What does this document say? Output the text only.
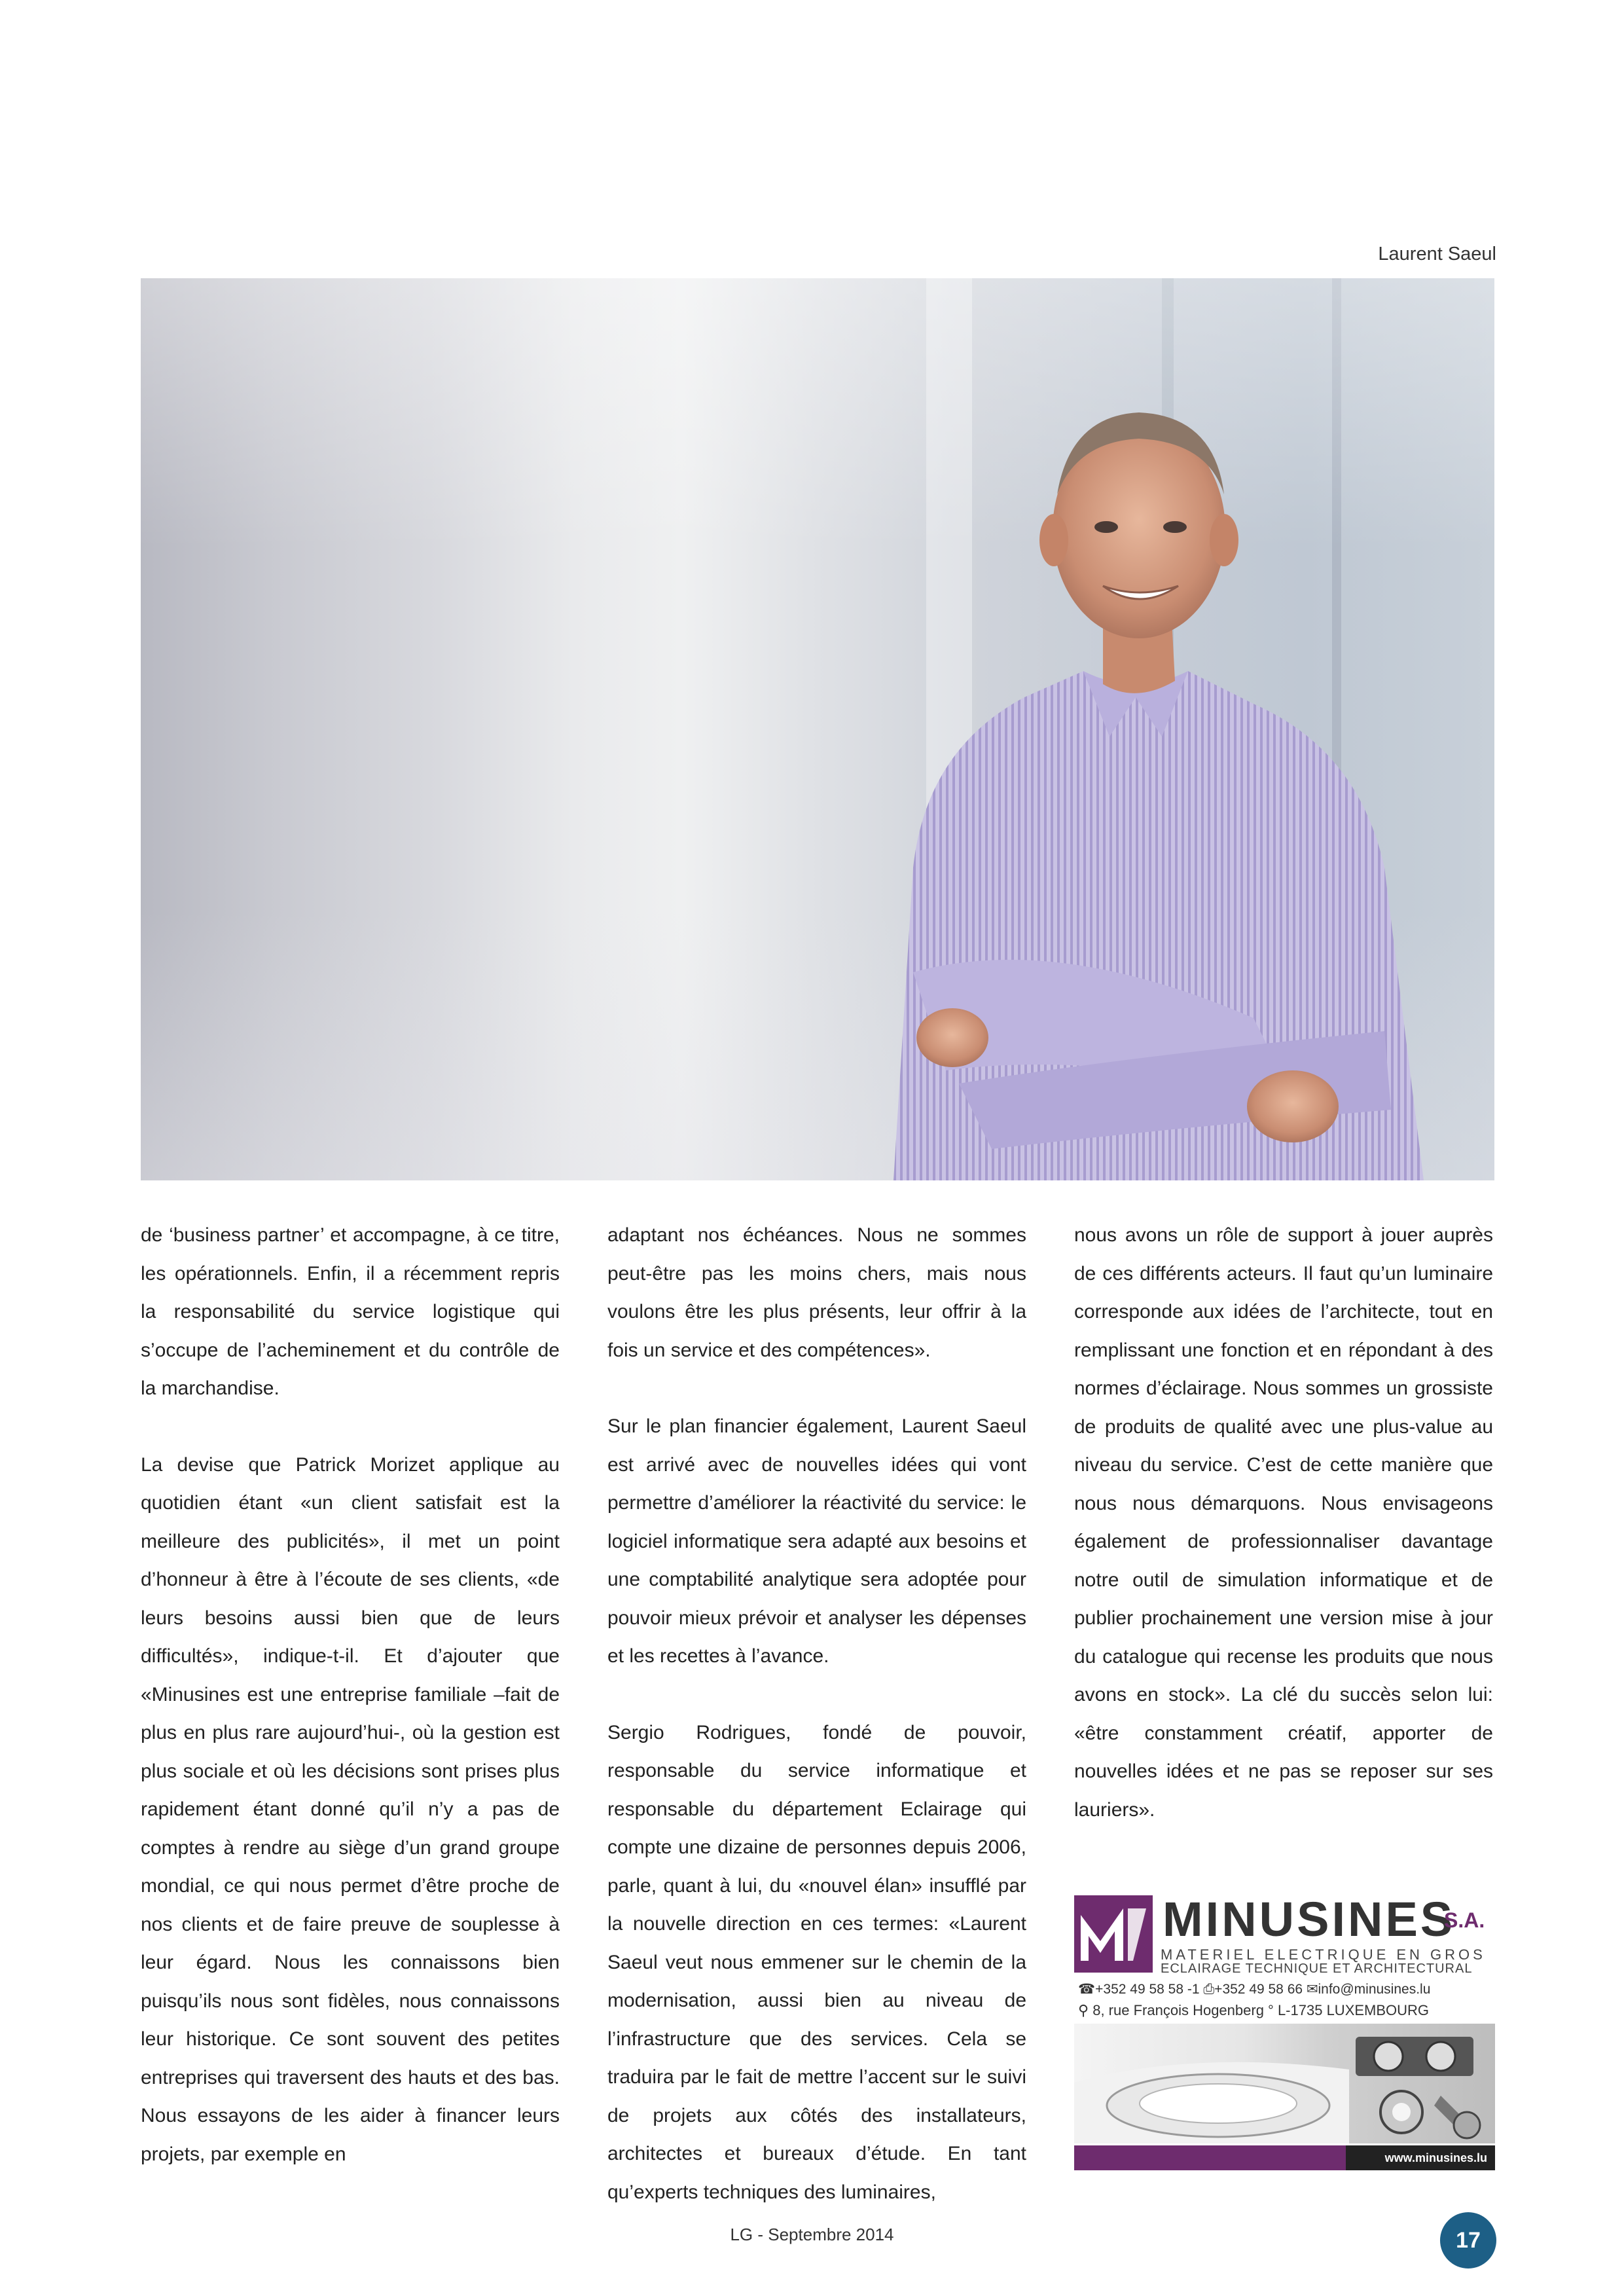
Laurent Saeul

de ‘business partner’ et accompagne, à ce titre, les opérationnels. Enfin, il a récemment repris la responsabilité du service logistique qui s’occupe de l’acheminement et du contrôle de la marchandise.

La devise que Patrick Morizet applique au quotidien étant «un client satisfait est la meilleure des publicités», il met un point d’honneur à être à l’écoute de ses clients, «de leurs besoins aussi bien que de leurs difficultés», indique-t-il. Et d’ajouter que «Minusines est une entreprise familiale –fait de plus en plus rare aujourd’hui-, où la gestion est plus sociale et où les décisions sont prises plus rapidement étant donné qu’il n’y a pas de comptes à rendre au siège d’un grand groupe mondial, ce qui nous permet d’être proche de nos clients et de faire preuve de souplesse à leur égard. Nous les connaissons bien puisqu’ils nous sont fidèles, nous connaissons leur historique. Ce sont souvent des petites entreprises qui traversent des hauts et des bas. Nous essayons de les aider à financer leurs projets, par exemple en

adaptant nos échéances. Nous ne sommes peut-être pas les moins chers, mais nous voulons être les plus présents, leur offrir à la fois un service et des compétences».

Sur le plan financier également, Laurent Saeul est arrivé avec de nouvelles idées qui vont permettre d’améliorer la réactivité du service: le logiciel informatique sera adapté aux besoins et une comptabilité analytique sera adoptée pour pouvoir mieux prévoir et analyser les dépenses et les recettes à l’avance.

Sergio Rodrigues, fondé de pouvoir, responsable du service informatique et responsable du département Eclairage qui compte une dizaine de personnes depuis 2006, parle, quant à lui, du «nouvel élan» insufflé par la nouvelle direction en ces termes: «Laurent Saeul veut nous emmener sur le chemin de la modernisation, aussi bien au niveau de l’infrastructure que des services. Cela se traduira par le fait de mettre l’accent sur le suivi de projets aux côtés des installateurs, architectes et bureaux d’étude. En tant qu’experts techniques des luminaires,

nous avons un rôle de support à jouer auprès de ces différents acteurs. Il faut qu’un luminaire corresponde aux idées de l’architecte, tout en remplissant une fonction et en répondant à des normes d’éclairage. Nous sommes un grossiste de produits de qualité avec une plus-value au niveau du service. C’est de cette manière que nous nous démarquons. Nous envisageons également de professionnaliser davantage notre outil de simulation informatique et de publier prochainement une version mise à jour du catalogue qui recense les produits que nous avons en stock». La clé du succès selon lui: «être constamment créatif, apporter de nouvelles idées et ne pas se reposer sur ses lauriers».

MINUSINES
S.A.
MATERIEL ELECTRIQUE EN GROS
ECLAIRAGE TECHNIQUE ET ARCHITECTURAL
☎+352 49 58 58 -1 ⎙+352 49 58 66 ✉info@minusines.lu
⚲ 8, rue François Hogenberg ° L-1735 LUXEMBOURG
www.minusines.lu
LG - Septembre 2014	17
